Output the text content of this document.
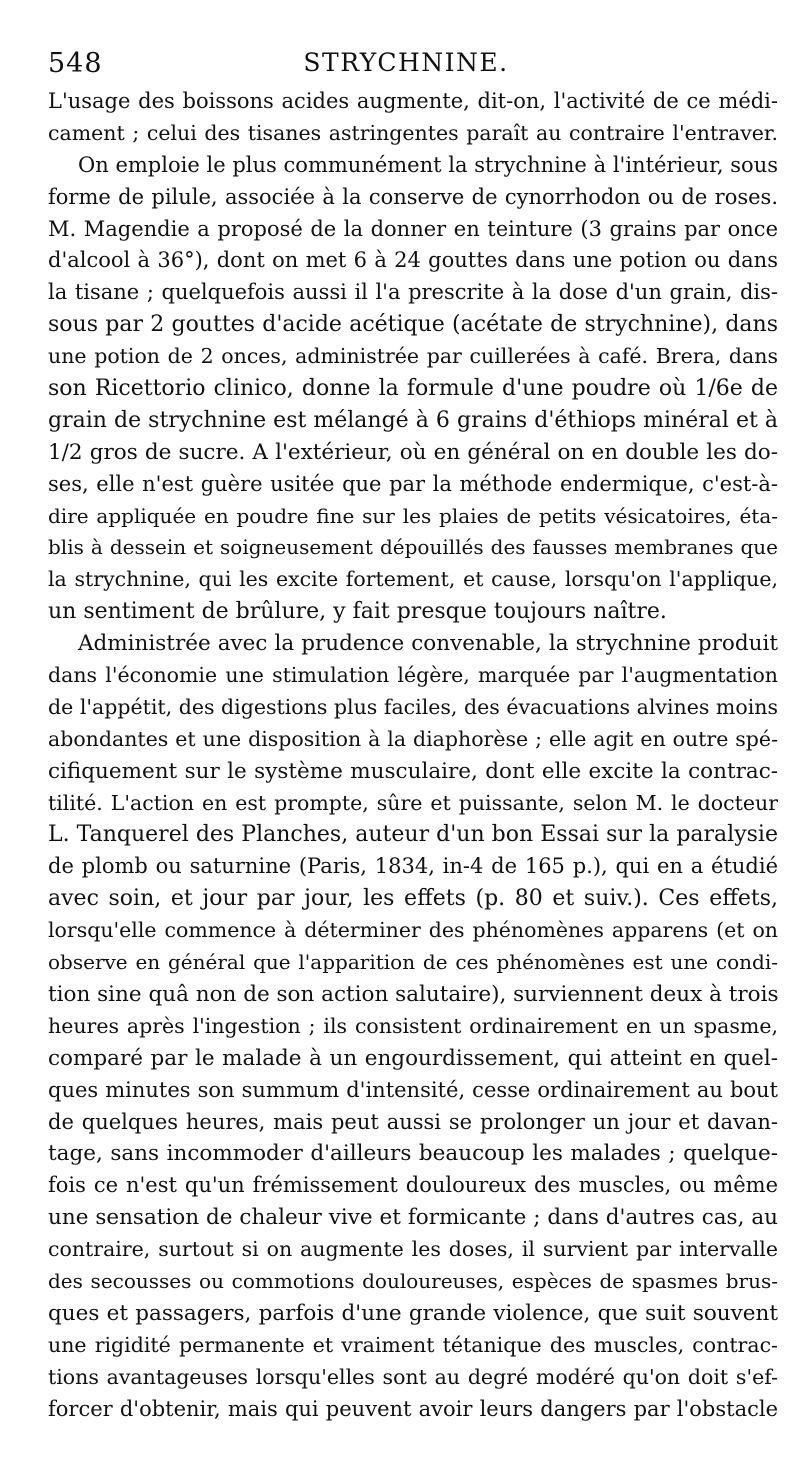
548	STRYCHNINE.
L'usage des boissons acides augmente, dit-on, l'activité de ce médi-
cament ; celui des tisanes astringentes paraît au contraire l'entraver.
On emploie le plus communément la strychnine à l'intérieur, sous
forme de pilule, associée à la conserve de cynorrhodon ou de roses.
M. Magendie a proposé de la donner en teinture (3 grains par once
d'alcool à 36°), dont on met 6 à 24 gouttes dans une potion ou dans
la tisane ; quelquefois aussi il l'a prescrite à la dose d'un grain, dis-
sous par 2 gouttes d'acide acétique (acétate de strychnine), dans
une potion de 2 onces, administrée par cuillerées à café. Brera, dans
son Ricettorio clinico, donne la formule d'une poudre où 1/6e de
grain de strychnine est mélangé à 6 grains d'éthiops minéral et à
1/2 gros de sucre. A l'extérieur, où en général on en double les do-
ses, elle n'est guère usitée que par la méthode endermique, c'est-à-
dire appliquée en poudre fine sur les plaies de petits vésicatoires, éta-
blis à dessein et soigneusement dépouillés des fausses membranes que
la strychnine, qui les excite fortement, et cause, lorsqu'on l'applique,
un sentiment de brûlure, y fait presque toujours naître.
Administrée avec la prudence convenable, la strychnine produit
dans l'économie une stimulation légère, marquée par l'augmentation
de l'appétit, des digestions plus faciles, des évacuations alvines moins
abondantes et une disposition à la diaphorèse ; elle agit en outre spé-
cifiquement sur le système musculaire, dont elle excite la contrac-
tilité. L'action en est prompte, sûre et puissante, selon M. le docteur
L. Tanquerel des Planches, auteur d'un bon Essai sur la paralysie
de plomb ou saturnine (Paris, 1834, in-4 de 165 p.), qui en a étudié
avec soin, et jour par jour, les effets (p. 80 et suiv.). Ces effets,
lorsqu'elle commence à déterminer des phénomènes apparens (et on
observe en général que l'apparition de ces phénomènes est une condi-
tion sine quâ non de son action salutaire), surviennent deux à trois
heures après l'ingestion ; ils consistent ordinairement en un spasme,
comparé par le malade à un engourdissement, qui atteint en quel-
ques minutes son summum d'intensité, cesse ordinairement au bout
de quelques heures, mais peut aussi se prolonger un jour et davan-
tage, sans incommoder d'ailleurs beaucoup les malades ; quelque-
fois ce n'est qu'un frémissement douloureux des muscles, ou même
une sensation de chaleur vive et formicante ; dans d'autres cas, au
contraire, surtout si on augmente les doses, il survient par intervalle
des secousses ou commotions douloureuses, espèces de spasmes brus-
ques et passagers, parfois d'une grande violence, que suit souvent
une rigidité permanente et vraiment tétanique des muscles, contrac-
tions avantageuses lorsqu'elles sont au degré modéré qu'on doit s'ef-
forcer d'obtenir, mais qui peuvent avoir leurs dangers par l'obstacle
